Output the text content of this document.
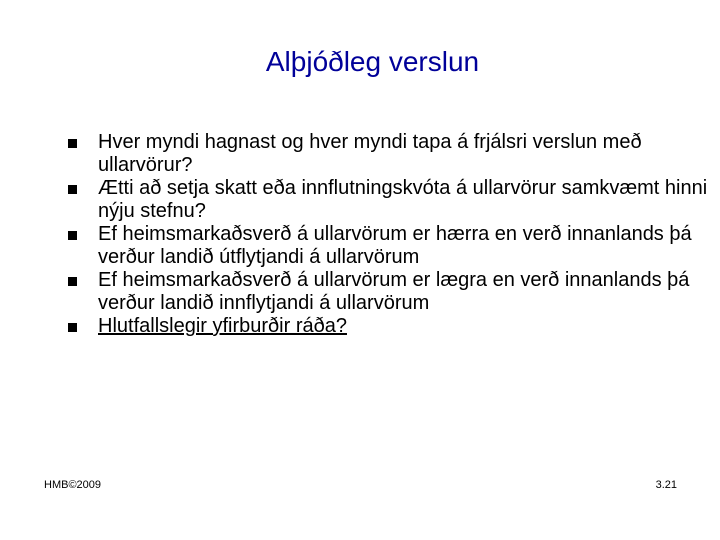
Alþjóðleg verslun
Hver myndi hagnast og hver myndi tapa á frjálsri verslun með ullarvörur?
Ætti að setja skatt eða innflutningskvóta á ullarvörur samkvæmt hinni nýju stefnu?
Ef heimsmarkaðsverð á ullarvörum er hærra en verð innanlands þá verður landið útflytjandi á ullarvörum
Ef heimsmarkaðsverð á ullarvörum er lægra en verð innanlands þá verður landið innflytjandi á ullarvörum
Hlutfallslegir yfirburðir ráða?
HMB©2009	3.21
